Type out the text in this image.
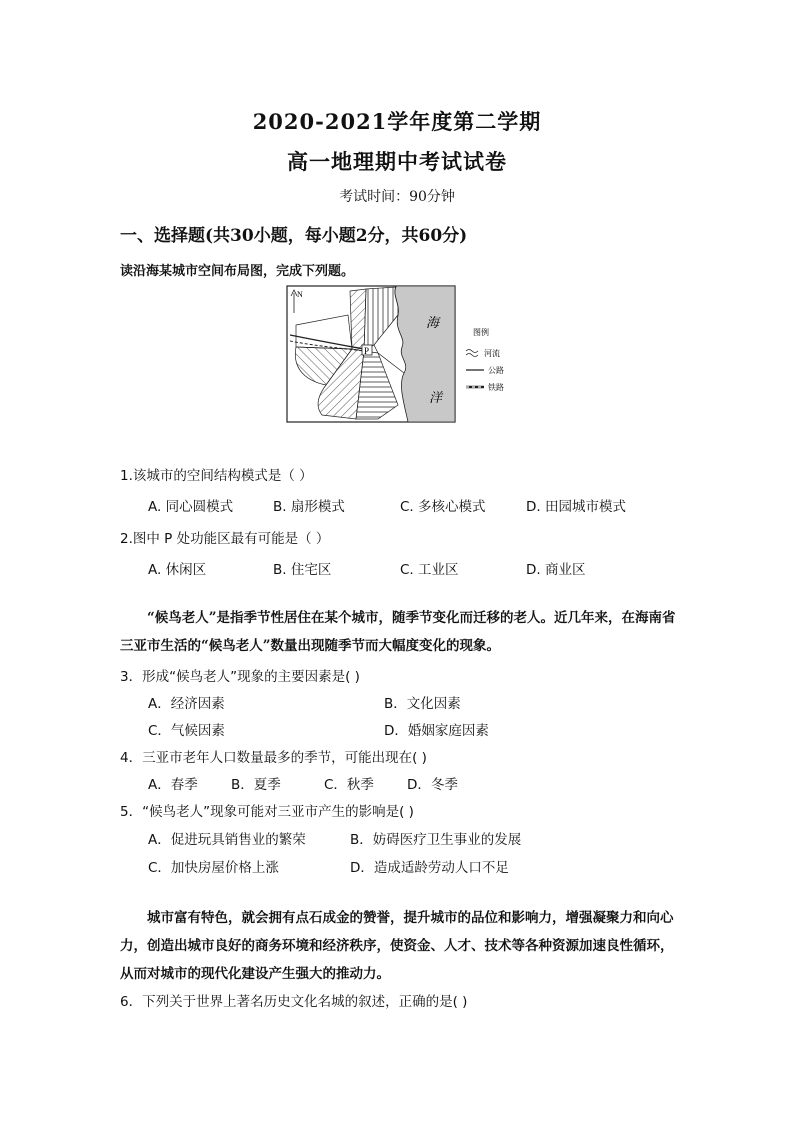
2020-2021学年度第二学期
高一地理期中考试试卷
考试时间：90分钟
一、选择题(共30小题，每小题2分，共60分)
读沿海某城市空间布局图，完成下列题。
P
N
海
洋
图例
河流
公路
铁路
1.该城市的空间结构模式是（ ）
A. 同心圆模式	B. 扇形模式	C. 多核心模式	D. 田园城市模式
2.图中 P 处功能区最有可能是（ ）
A. 休闲区	B. 住宅区	C. 工业区	D. 商业区
“候鸟老人”是指季节性居住在某个城市，随季节变化而迁移的老人。近几年来，在海南省三亚市生活的“候鸟老人”数量出现随季节而大幅度变化的现象。
3．形成“候鸟老人”现象的主要因素是( )
A．经济因素	B．文化因素
C．气候因素	D．婚姻家庭因素
4．三亚市老年人口数量最多的季节，可能出现在( )
A．春季 B．夏季	C．秋季 D．冬季
5．“候鸟老人”现象可能对三亚市产生的影响是( )
A．促进玩具销售业的繁荣	B．妨碍医疗卫生事业的发展
C．加快房屋价格上涨	D．造成适龄劳动人口不足
城市富有特色，就会拥有点石成金的赞誉，提升城市的品位和影响力，增强凝聚力和向心力，创造出城市良好的商务环境和经济秩序，使资金、人才、技术等各种资源加速良性循环，从而对城市的现代化建设产生强大的推动力。
6．下列关于世界上著名历史文化名城的叙述，正确的是( )
